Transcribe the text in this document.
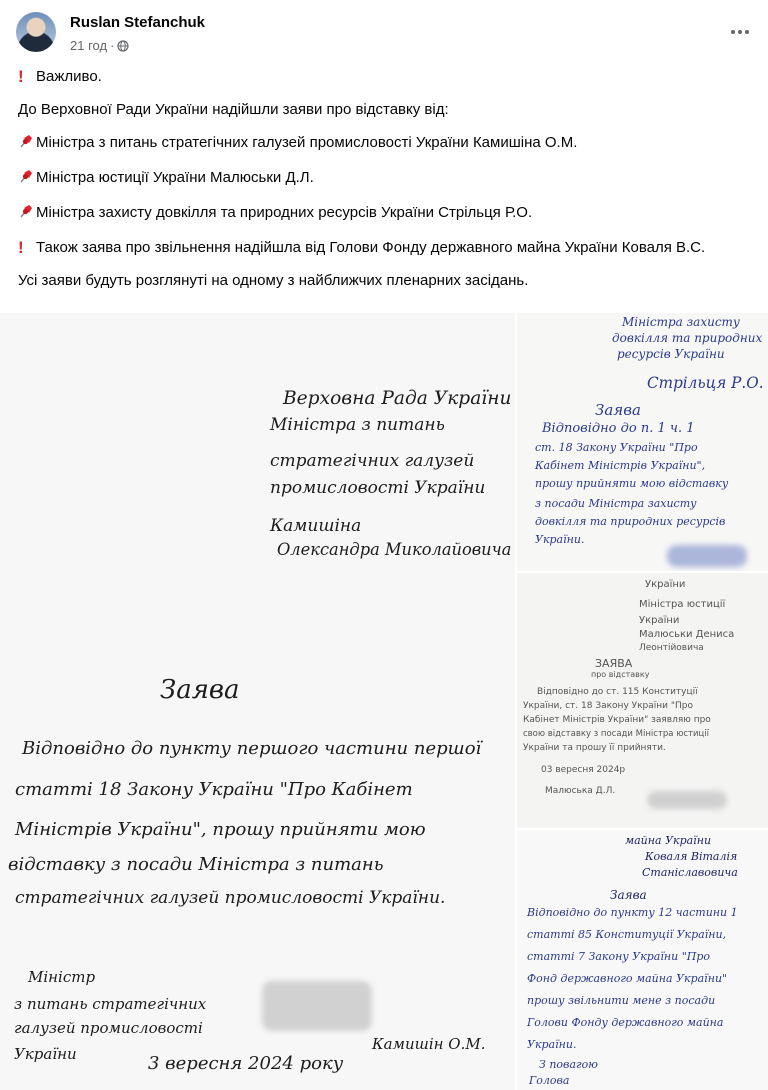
Ruslan Stefanchuk
21 год ·
! Важливо.
До Верховної Ради України надійшли заяви про відставку від:
Міністра з питань стратегічних галузей промисловості України Камишіна О.М.
Міністра юстиції України Малюськи Д.Л.
Міністра захисту довкілля та природних ресурсів України Стрільця Р.О.
! Також заява про звільнення надійшла від Голови Фонду державного майна України Коваля В.С.
Усі заяви будуть розглянуті на одному з найближчих пленарних засідань.
Верховна Рада України
Міністра з питань
стратегічних галузей
промисловості України
Камишіна
Олександра Миколайовича
Заява
Відповідно до пункту першого частини першої
статті 18 Закону України "Про Кабінет
Міністрів України", прошу прийняти мою
відставку з посади Міністра з питань
стратегічних галузей промисловості України.
Міністр
з питань стратегічних
галузей промисловості
України	3 вересня 2024 року
Камишін О.М.
Міністра захисту
довкілля та природних
ресурсів України
Стрільця Р.О.
Заява
Відповідно до п. 1 ч. 1
ст. 18 Закону України "Про
Кабінет Міністрів України",
прошу прийняти мою відставку
з посади Міністра захисту
довкілля та природних ресурсів
України.
України
Міністра юстиції
України
Малюськи Дениса
Леонтійовича
ЗАЯВА
про відставку
Відповідно до ст. 115 Конституції
України, ст. 18 Закону України "Про
Кабінет Міністрів України" заявляю про
свою відставку з посади Міністра юстиції
України та прошу її прийняти.
03 вересня 2024р
Малюська Д.Л.
майна України
Ковaля Віталія
Станіславовича
Заява
Відповідно до пункту 12 частини 1
статті 85 Конституції України,
статті 7 Закону України "Про
Фонд державного майна України"
прошу звільнити мене з посади
Голови Фонду державного майна
України.
З повагою
Голова
